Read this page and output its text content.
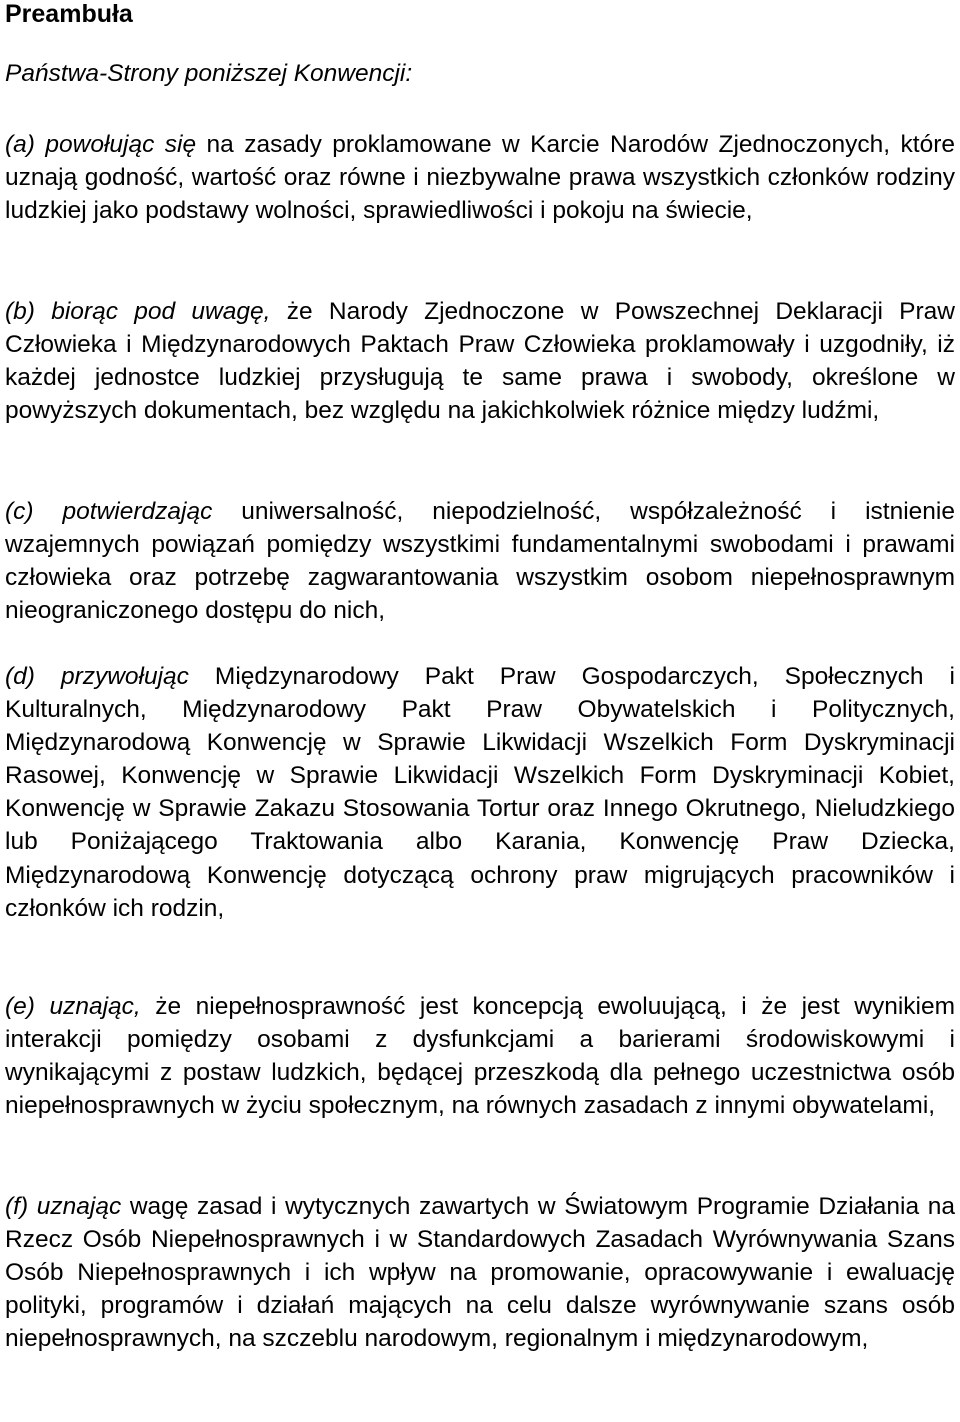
Preambuła

Państwa-Strony poniższej Konwencji:

(a) powołując się na zasady proklamowane w Karcie Narodów Zjednoczonych, które uznają godność, wartość oraz równe i niezbywalne prawa wszystkich członków rodziny ludzkiej jako podstawy wolności, sprawiedliwości i pokoju na świecie,

(b) biorąc pod uwagę, że Narody Zjednoczone w Powszechnej Deklaracji Praw Człowieka i Międzynarodowych Paktach Praw Człowieka proklamowały i uzgodniły, iż każdej jednostce ludzkiej przysługują te same prawa i swobody, określone w powyższych dokumentach, bez względu na jakichkolwiek różnice między ludźmi,

(c) potwierdzając uniwersalność, niepodzielność, współzależność i istnienie wzajemnych powiązań pomiędzy wszystkimi fundamentalnymi swobodami i prawami człowieka oraz potrzebę zagwarantowania wszystkim osobom niepełnosprawnym nieograniczonego dostępu do nich,

(d) przywołując Międzynarodowy Pakt Praw Gospodarczych, Społecznych i Kulturalnych, Międzynarodowy Pakt Praw Obywatelskich i Politycznych, Międzynarodową Konwencję w Sprawie Likwidacji Wszelkich Form Dyskryminacji Rasowej, Konwencję w Sprawie Likwidacji Wszelkich Form Dyskryminacji Kobiet, Konwencję w Sprawie Zakazu Stosowania Tortur oraz Innego Okrutnego, Nieludzkiego lub Poniżającego Traktowania albo Karania, Konwencję Praw Dziecka, Międzynarodową Konwencję dotyczącą ochrony praw migrujących pracowników i członków ich rodzin,

(e) uznając, że niepełnosprawność jest koncepcją ewoluującą, i że jest wynikiem interakcji pomiędzy osobami z dysfunkcjami a barierami środowiskowymi i wynikającymi z postaw ludzkich, będącej przeszkodą dla pełnego uczestnictwa osób niepełnosprawnych w życiu społecznym, na równych zasadach z innymi obywatelami,

(f) uznając wagę zasad i wytycznych zawartych w Światowym Programie Działania na Rzecz Osób Niepełnosprawnych i w Standardowych Zasadach Wyrównywania Szans Osób Niepełnosprawnych i ich wpływ na promowanie, opracowywanie i ewaluację polityki, programów i działań mających na celu dalsze wyrównywanie szans osób niepełnosprawnych, na szczeblu narodowym, regionalnym i międzynarodowym,
